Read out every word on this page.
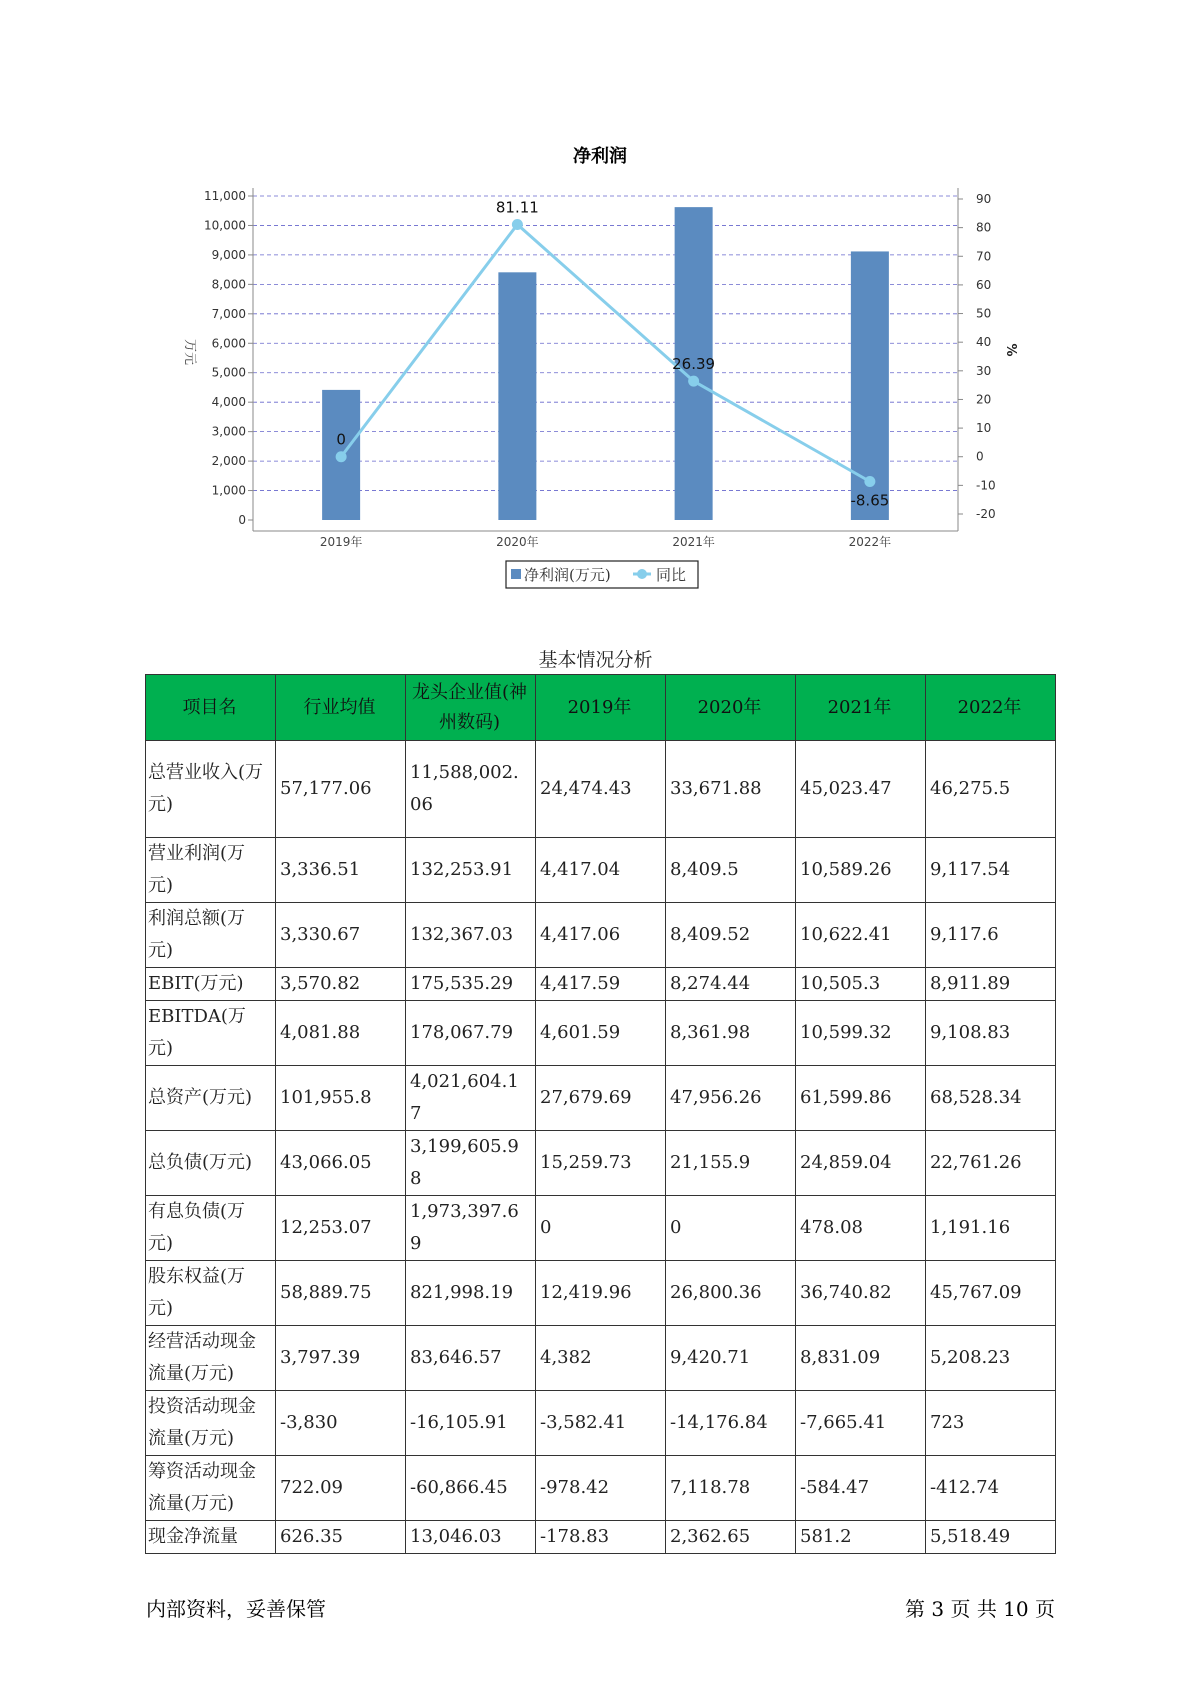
净利润
0
1,000
2,000
3,000
4,000
5,000
6,000
7,000
8,000
9,000
10,000
11,000
-20
-10
0
10
20
30
40
50
60
70
80
90
2019年	2020年	2021年	2022年
0
81.11
26.39
-8.65
万元	%
净利润(万元)	同比
基本情况分析
项目名	行业均值	龙头企业值(神州数码)	2019年	2020年	2021年	2022年
总营业收入(万元)	57,177.06	11,588,002.06	24,474.43	33,671.88	45,023.47	46,275.5
营业利润(万元)	3,336.51	132,253.91	4,417.04	8,409.5	10,589.26	9,117.54
利润总额(万元)	3,330.67	132,367.03	4,417.06	8,409.52	10,622.41	9,117.6
EBIT(万元)	3,570.82	175,535.29	4,417.59	8,274.44	10,505.3	8,911.89
EBITDA(万元)	4,081.88	178,067.79	4,601.59	8,361.98	10,599.32	9,108.83
总资产(万元)	101,955.8	4,021,604.17	27,679.69	47,956.26	61,599.86	68,528.34
总负债(万元)	43,066.05	3,199,605.98	15,259.73	21,155.9	24,859.04	22,761.26
有息负债(万元)	12,253.07	1,973,397.69	0	0	478.08	1,191.16
股东权益(万元)	58,889.75	821,998.19	12,419.96	26,800.36	36,740.82	45,767.09
经营活动现金流量(万元)	3,797.39	83,646.57	4,382	9,420.71	8,831.09	5,208.23
投资活动现金流量(万元)	-3,830	-16,105.91	-3,582.41	-14,176.84	-7,665.41	723
筹资活动现金流量(万元)	722.09	-60,866.45	-978.42	7,118.78	-584.47	-412.74
现金净流量	626.35	13,046.03	-178.83	2,362.65	581.2	5,518.49
内部资料，妥善保管	第 3 页 共 10 页
